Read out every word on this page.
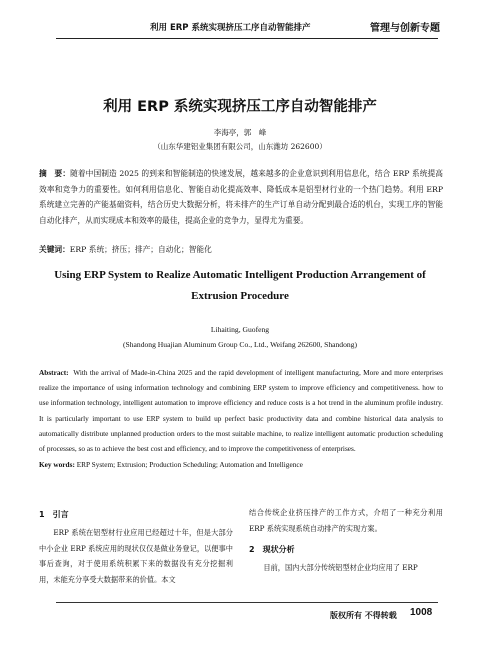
利用 ERP 系统实现挤压工序自动智能排产	管理与创新专题
利用 ERP 系统实现挤压工序自动智能排产
李海亭，郭　峰
（山东华建铝业集团有限公司，山东潍坊 262600）
摘　要：随着中国制造 2025 的到来和智能制造的快速发展，越来越多的企业意识到利用信息化，结合 ERP 系统提高效率和竞争力的重要性。如何利用信息化、智能自动化提高效率、降低成本是铝型材行业的一个热门趋势。利用 ERP 系统建立完善的产能基础资料，结合历史大数据分析，将未排产的生产订单自动分配到最合适的机台，实现工序的智能自动化排产，从而实现成本和效率的最佳，提高企业的竞争力，显得尤为重要。
关键词：ERP 系统；挤压；排产；自动化；智能化
Using ERP System to Realize Automatic Intelligent Production Arrangement of Extrusion Procedure
Lihaiting, Guofeng
(Shandong Huajian Aluminum Group Co., Ltd., Weifang 262600, Shandong)
Abstract: With the arrival of Made-in-China 2025 and the rapid development of intelligent manufacturing, More and more enterprises realize the importance of using information technology and combining ERP system to improve efficiency and competitiveness. how to use information technology, intelligent automation to improve efficiency and reduce costs is a hot trend in the aluminum profile industry. It is particularly important to use ERP system to build up perfect basic productivity data and combine historical data analysis to automatically distribute unplanned production orders to the most suitable machine, to realize intelligent automatic production scheduling of processes, so as to achieve the best cost and efficiency, and to improve the competitiveness of enterprises.
Key words: ERP System; Extrusion; Production Scheduling; Automation and Intelligence
1　引言

ERP 系统在铝型材行业应用已经超过十年，但是大部分中小企业 ERP 系统应用的现状仅仅是做业务登记，以便事中事后查询，对于使用系统积累下来的数据没有充分挖掘利用，未能充分享受大数据带来的价值。本文

结合传统企业挤压排产的工作方式，介绍了一种充分利用 ERP 系统实现系统自动排产的实现方案。

2　现状分析

目前，国内大部分传统铝型材企业均应用了 ERP

版权所有 不得转载 1008
